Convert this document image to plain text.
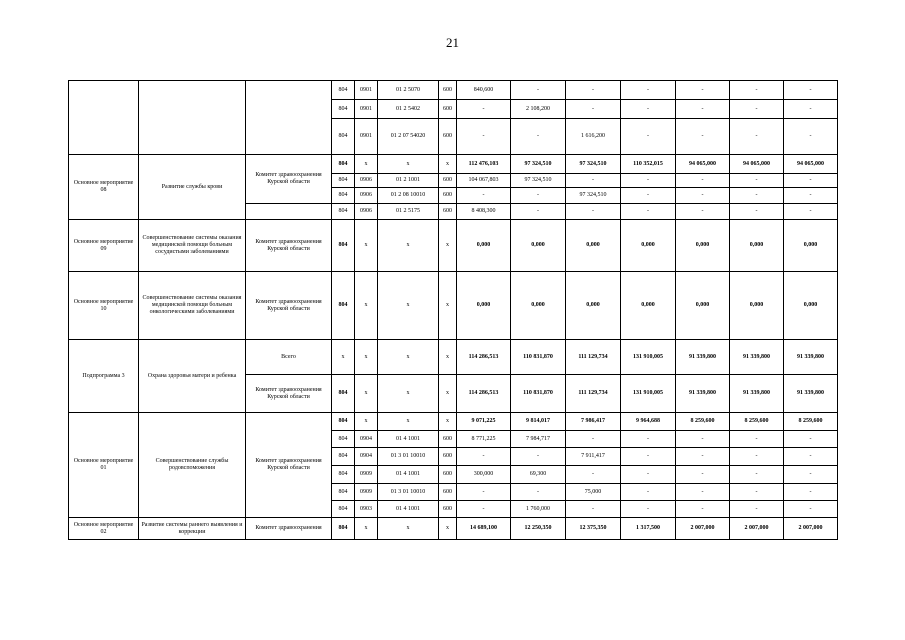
21
			804	0901	01 2 5070	600	840,600	-	-	-	-	-	-
			804	0901	01 2 5402	600	-	2 108,200	-	-	-	-	-
			804	0901	01 2 07 54020	600	-	-	1 616,200	-	-	-	-
Основное мероприятие 08	Развитие службы крови	Комитет здравоохранения Курской области	804	x	x	x	112 476,103	97 324,510	97 324,510	110 352,015	94 065,000	94 065,000	94 065,000
			804	0906	01 2 1001	600	104 067,803	97 324,510	-	-	-	-	-
			804	0906	01 2 08 10010	600	-	-	97 324,510	-	-	-	-
			804	0906	01 2 5175	600	8 408,300	-	-	-	-	-	-
Основное мероприятие 09	Совершенствование системы оказания медицинской помощи больным сосудистыми заболеваниями	Комитет здравоохранения Курской области	804	x	x	x	0,000	0,000	0,000	0,000	0,000	0,000	0,000
Основное мероприятие 10	Совершенствование системы оказания медицинской помощи больным онкологическими заболеваниями	Комитет здравоохранения Курской области	804	x	x	x	0,000	0,000	0,000	0,000	0,000	0,000	0,000
Подпрограмма 3	Охрана здоровья матери и ребенка	Всего	x	x	x	x	114 286,513	110 831,870	111 129,734	131 910,005	91 339,800	91 339,800	91 339,800
		Комитет здравоохранения Курской области	804	x	x	x	114 286,513	110 831,870	111 129,734	131 910,005	91 339,800	91 339,800	91 339,800
Основное мероприятие 01	Совершенствование службы родовспоможения	Комитет здравоохранения Курской области	804	x	x	x	9 071,225	9 814,017	7 986,417	9 964,688	8 259,600	8 259,600	8 259,600
			804	0904	01 4 1001	600	8 771,225	7 984,717	-	-	-	-	-
			804	0904	01 3 01 10010	600	-	-	7 911,417	-	-	-	-
			804	0909	01 4 1001	600	300,000	69,300	-	-	-	-	-
			804	0909	01 3 01 10010	600	-	-	75,000	-	-	-	-
			804	0903	01 4 1001	600	-	1 760,000	-	-	-	-	-
Основное мероприятие 02	Развитие системы раннего выявления и коррекции	Комитет здравоохранения	804	x	x	x	14 689,100	12 250,350	12 375,350	1 317,500	2 007,000	2 007,000	2 007,000
